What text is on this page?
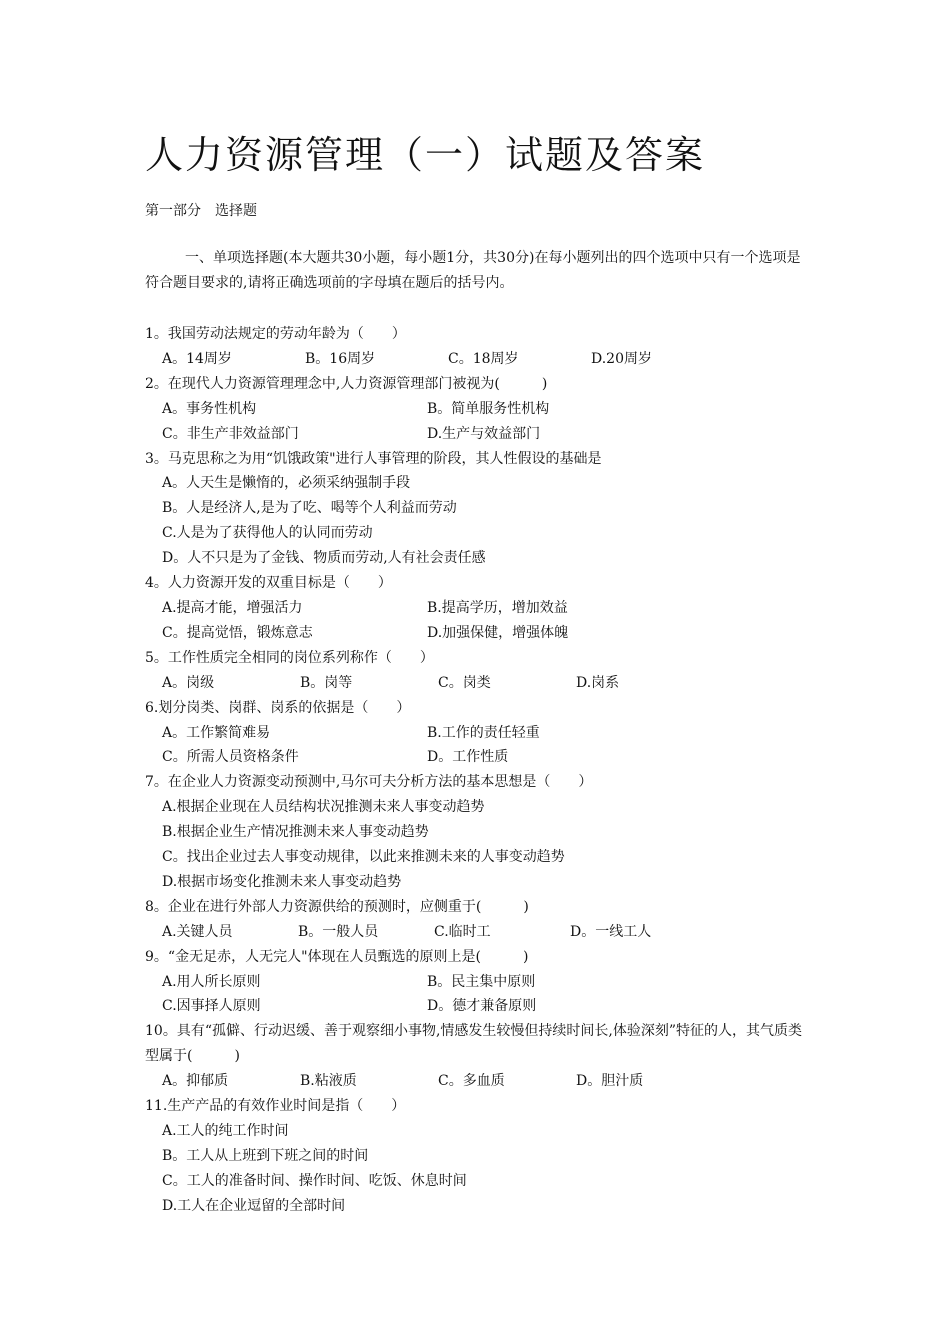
人力资源管理（一）试题及答案
第一部分　选择题

一、单项选择题(本大题共30小题，每小题1分，共30分)在每小题列出的四个选项中只有一个选项是符合题目要求的,请将正确选项前的字母填在题后的括号内。

1。我国劳动法规定的劳动年龄为（　　）
A。14周岁	B。16周岁	C。18周岁	D.20周岁
2。在现代人力资源管理理念中,人力资源管理部门被视为(　　　)
A。事务性机构	B。简单服务性机构
C。非生产非效益部门	D.生产与效益部门
3。马克思称之为用“饥饿政策"进行人事管理的阶段，其人性假设的基础是
A。人天生是懒惰的，必须采纳强制手段
B。人是经济人,是为了吃、喝等个人利益而劳动
C.人是为了获得他人的认同而劳动
D。人不只是为了金钱、物质而劳动,人有社会责任感
4。人力资源开发的双重目标是（　　）
A.提高才能，增强活力	B.提高学历，增加效益
C。提高觉悟，锻炼意志	D.加强保健，增强体魄
5。工作性质完全相同的岗位系列称作（　　）
A。岗级	B。岗等	C。岗类	D.岗系
6.划分岗类、岗群、岗系的依据是（　　）
A。工作繁简难易	B.工作的责任轻重
C。所需人员资格条件	D。工作性质
7。在企业人力资源变动预测中,马尔可夫分析方法的基本思想是（　　）
A.根据企业现在人员结构状况推测未来人事变动趋势
B.根据企业生产情况推测未来人事变动趋势
C。找出企业过去人事变动规律，以此来推测未来的人事变动趋势
D.根据市场变化推测未来人事变动趋势
8。企业在进行外部人力资源供给的预测时，应侧重于(　　　)
A.关键人员	B。一般人员	C.临时工	D。一线工人
9。“金无足赤，人无完人"体现在人员甄选的原则上是(　　　)
A.用人所长原则	B。民主集中原则
C.因事择人原则	D。德才兼备原则
10。具有“孤僻、行动迟缓、善于观察细小事物,情感发生较慢但持续时间长,体验深刻”特征的人，其气质类型属于(　　　)
A。抑郁质	B.粘液质	C。多血质	D。胆汁质
11.生产产品的有效作业时间是指（　　）
A.工人的纯工作时间
B。工人从上班到下班之间的时间
C。工人的准备时间、操作时间、吃饭、休息时间
D.工人在企业逗留的全部时间
